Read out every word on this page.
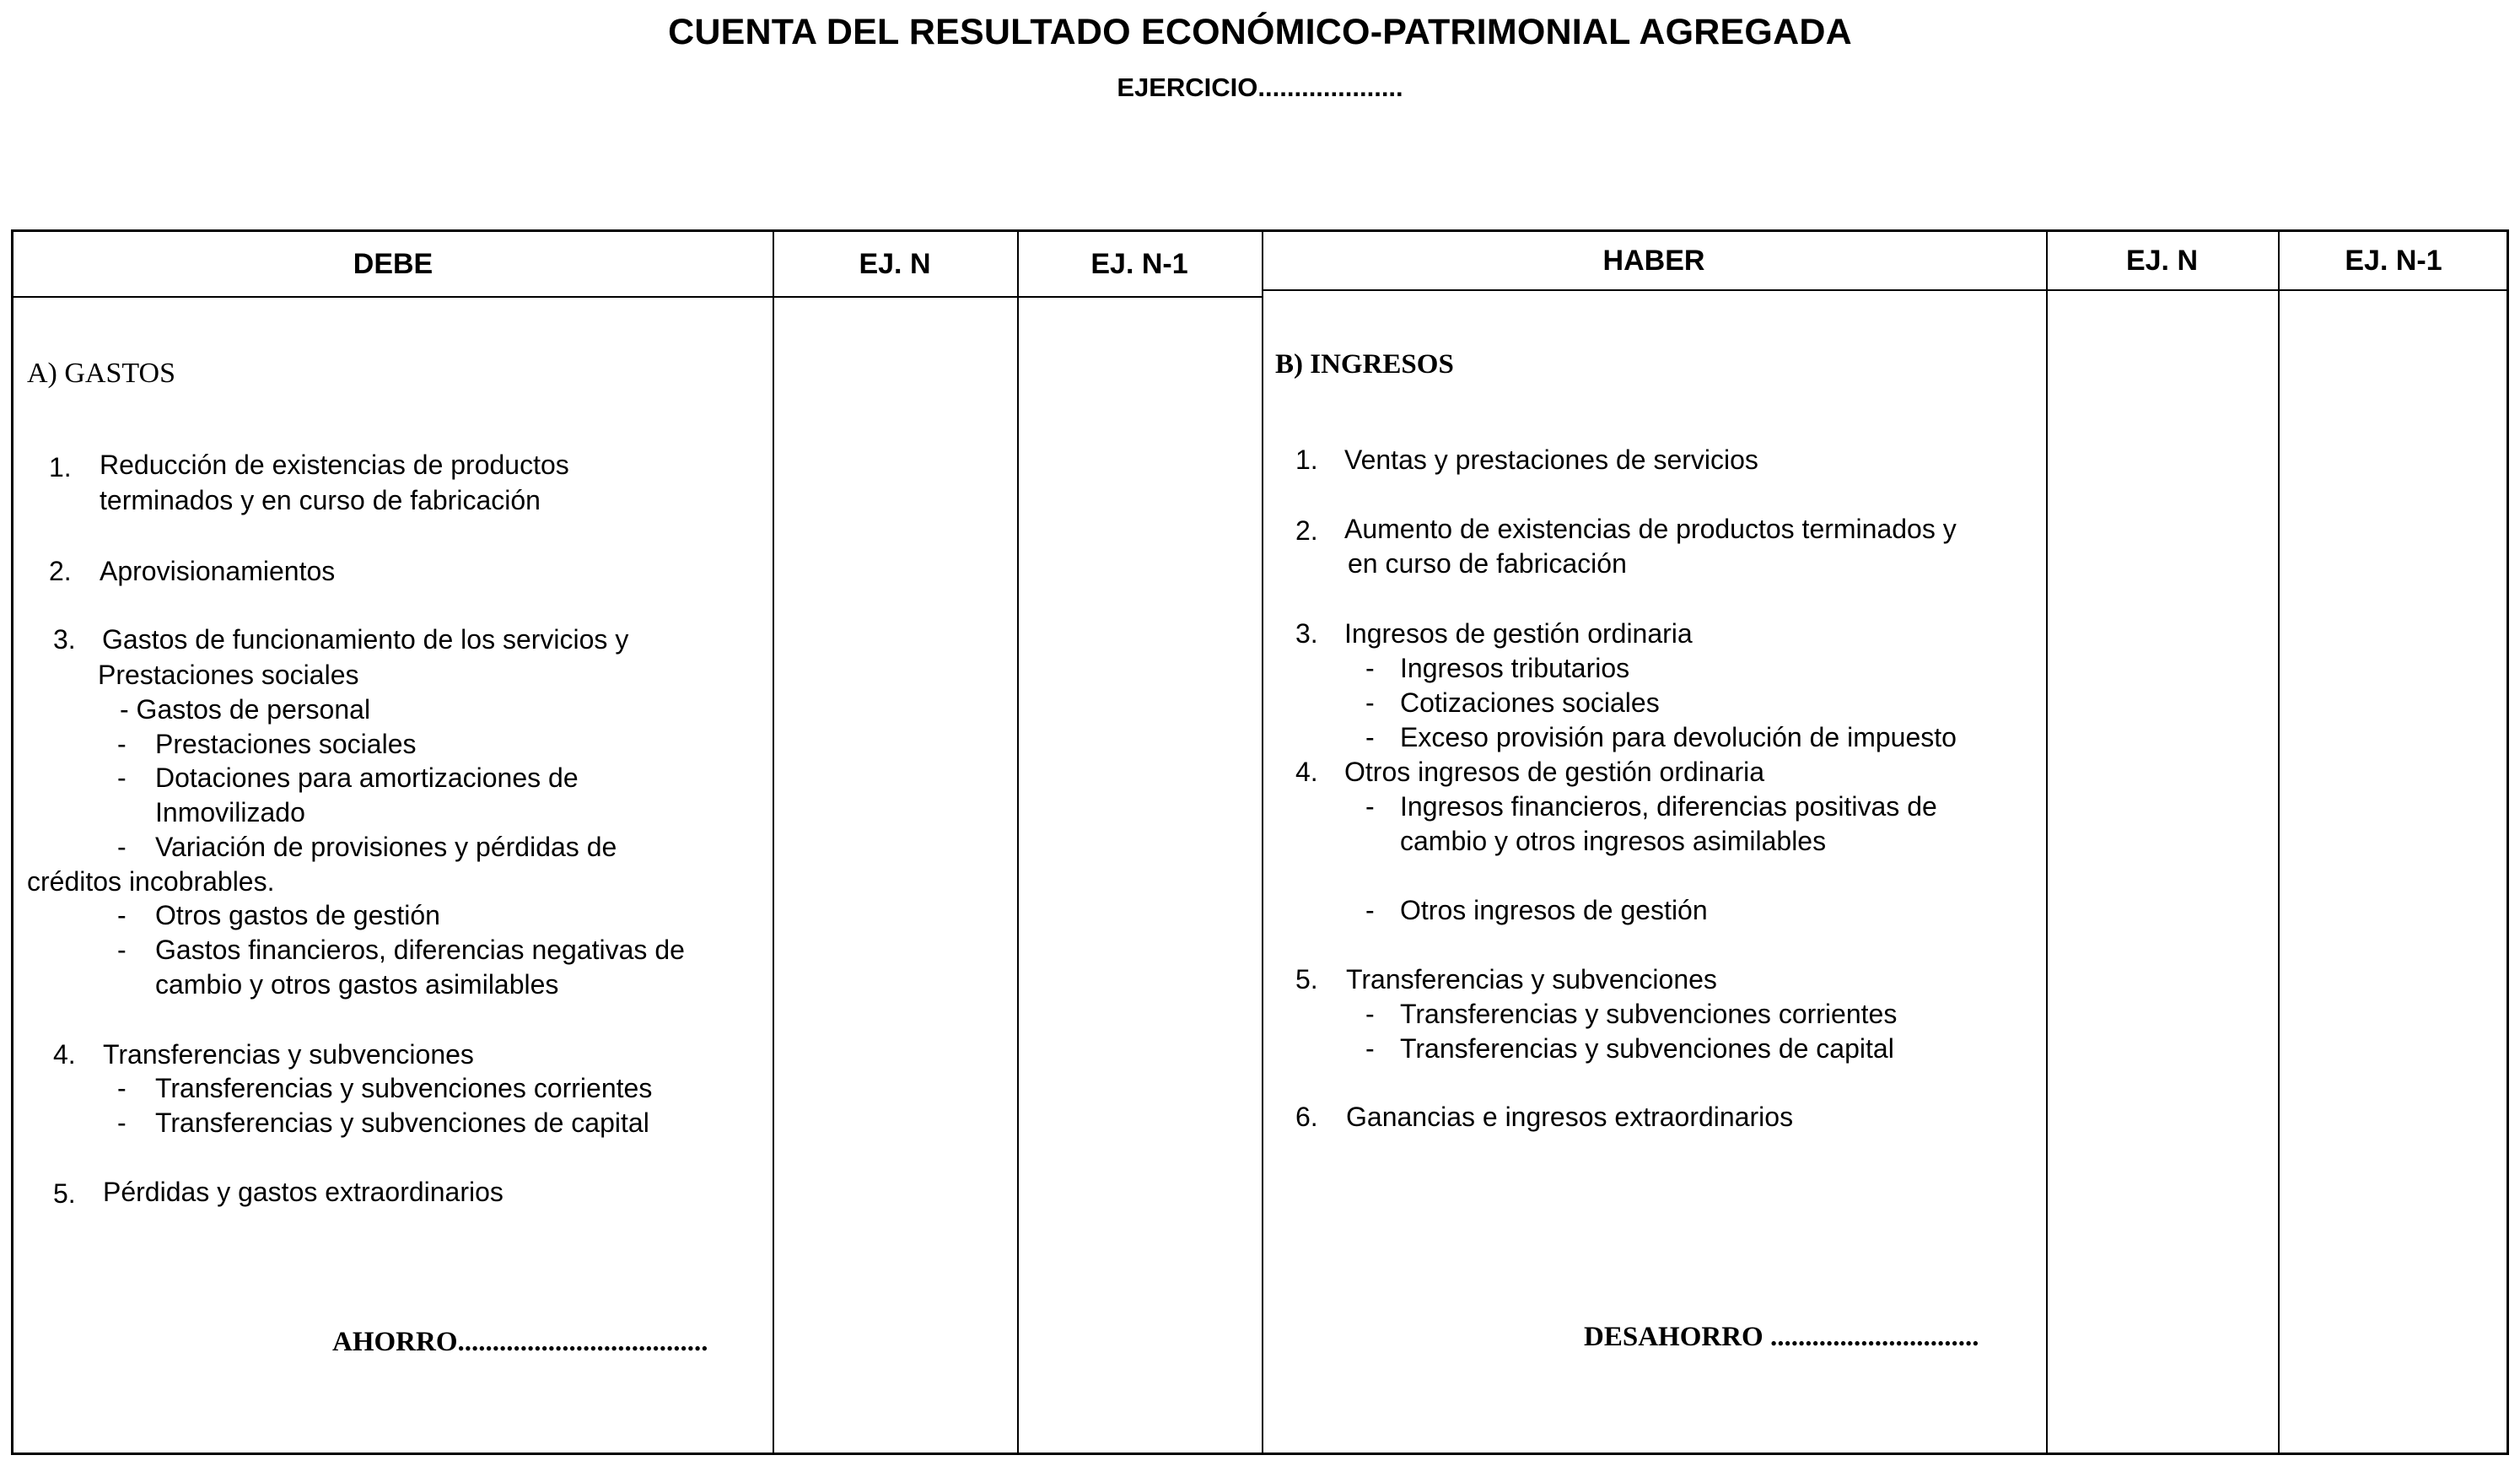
CUENTA DEL RESULTADO ECONÓMICO-PATRIMONIAL AGREGADA
EJERCICIO....................
DEBE	EJ. N	EJ. N-1	HABER	EJ. N	EJ. N-1
A) GASTOS
1. Reducción de existencias de productos
terminados y en curso de fabricación
2. Aprovisionamientos
3. Gastos de funcionamiento de los servicios y
Prestaciones sociales
- Gastos de personal
- Prestaciones sociales
- Dotaciones para amortizaciones de
Inmovilizado
- Variación de provisiones y pérdidas de
créditos incobrables.
- Otros gastos de gestión
- Gastos financieros, diferencias negativas de
cambio y otros gastos asimilables
4. Transferencias y subvenciones
- Transferencias y subvenciones corrientes
- Transferencias y subvenciones de capital
5. Pérdidas y gastos extraordinarios
AHORRO....................................
B) INGRESOS
1. Ventas y prestaciones de servicios
2. Aumento de existencias de productos terminados y
en curso de fabricación
3. Ingresos de gestión ordinaria
- Ingresos tributarios
- Cotizaciones sociales
- Exceso provisión para devolución de impuesto
4. Otros ingresos de gestión ordinaria
- Ingresos financieros, diferencias positivas de
cambio y otros ingresos asimilables
- Otros ingresos de gestión
5. Transferencias y subvenciones
- Transferencias y subvenciones corrientes
- Transferencias y subvenciones de capital
6. Ganancias e ingresos extraordinarios
DESAHORRO ..............................
